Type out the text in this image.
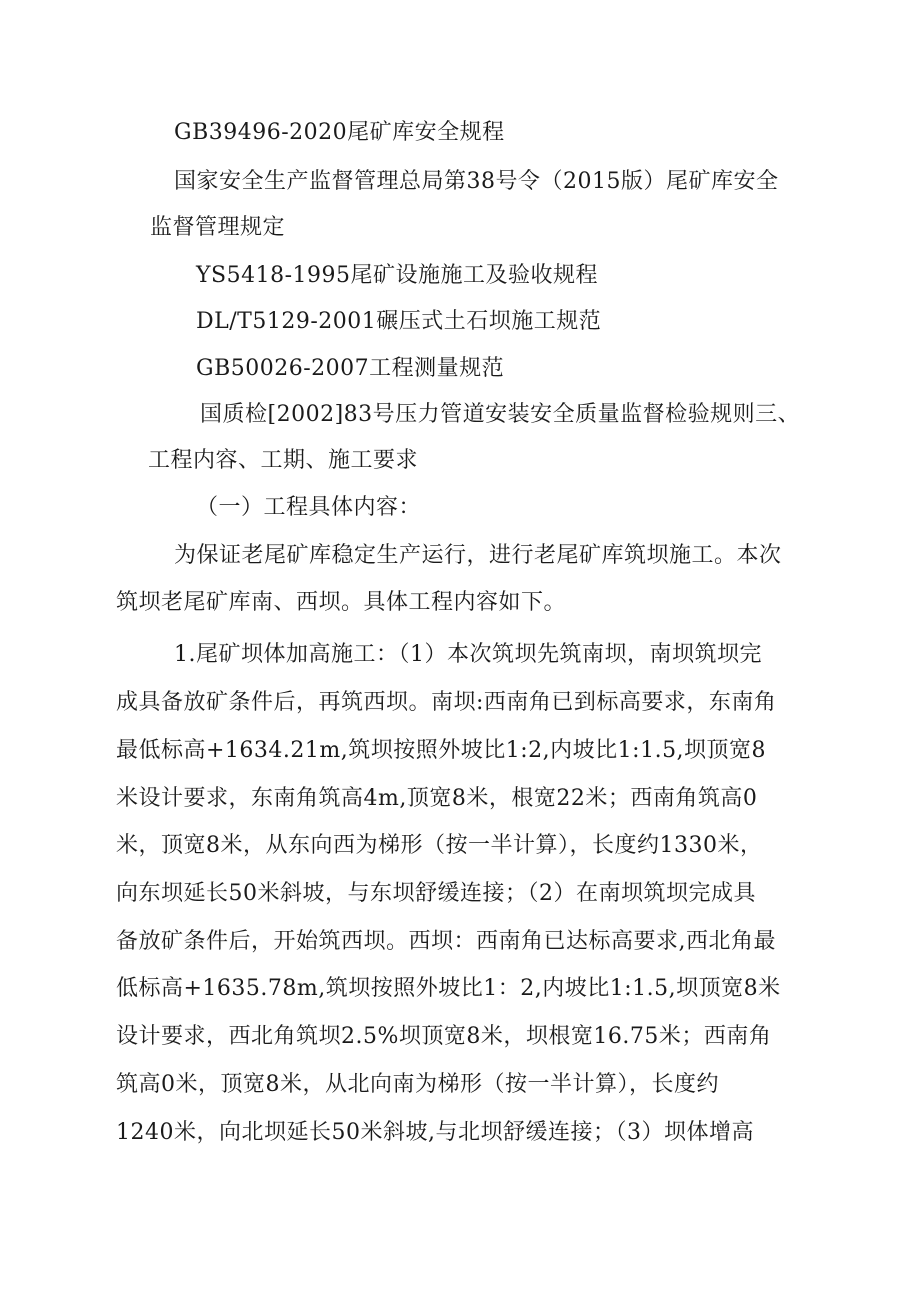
GB39496-2020尾矿库安全规程
国家安全生产监督管理总局第38号令（2015版）尾矿库安全
监督管理规定
YS5418-1995尾矿设施施工及验收规程
DL/T5129-2001碾压式土石坝施工规范
GB50026-2007工程测量规范
国质检[2002]83号压力管道安装安全质量监督检验规则三、
工程内容、工期、施工要求
（一）工程具体内容：
为保证老尾矿库稳定生产运行，进行老尾矿库筑坝施工。本次
筑坝老尾矿库南、西坝。具体工程内容如下。
1.尾矿坝体加高施工：（1）本次筑坝先筑南坝，南坝筑坝完
成具备放矿条件后，再筑西坝。南坝:西南角已到标高要求，东南角
最低标高+1634.21m,筑坝按照外坡比1:2,内坡比1:1.5,坝顶宽8
米设计要求，东南角筑高4m,顶宽8米，根宽22米；西南角筑高0
米，顶宽8米，从东向西为梯形（按一半计算），长度约1330米，
向东坝延长50米斜坡，与东坝舒缓连接；（2）在南坝筑坝完成具
备放矿条件后，开始筑西坝。西坝：西南角已达标高要求,西北角最
低标高+1635.78m,筑坝按照外坡比1：2,内坡比1:1.5,坝顶宽8米
设计要求，西北角筑坝2.5%坝顶宽8米，坝根宽16.75米；西南角
筑高0米，顶宽8米，从北向南为梯形（按一半计算），长度约
1240米，向北坝延长50米斜坡,与北坝舒缓连接；（3）坝体增高
